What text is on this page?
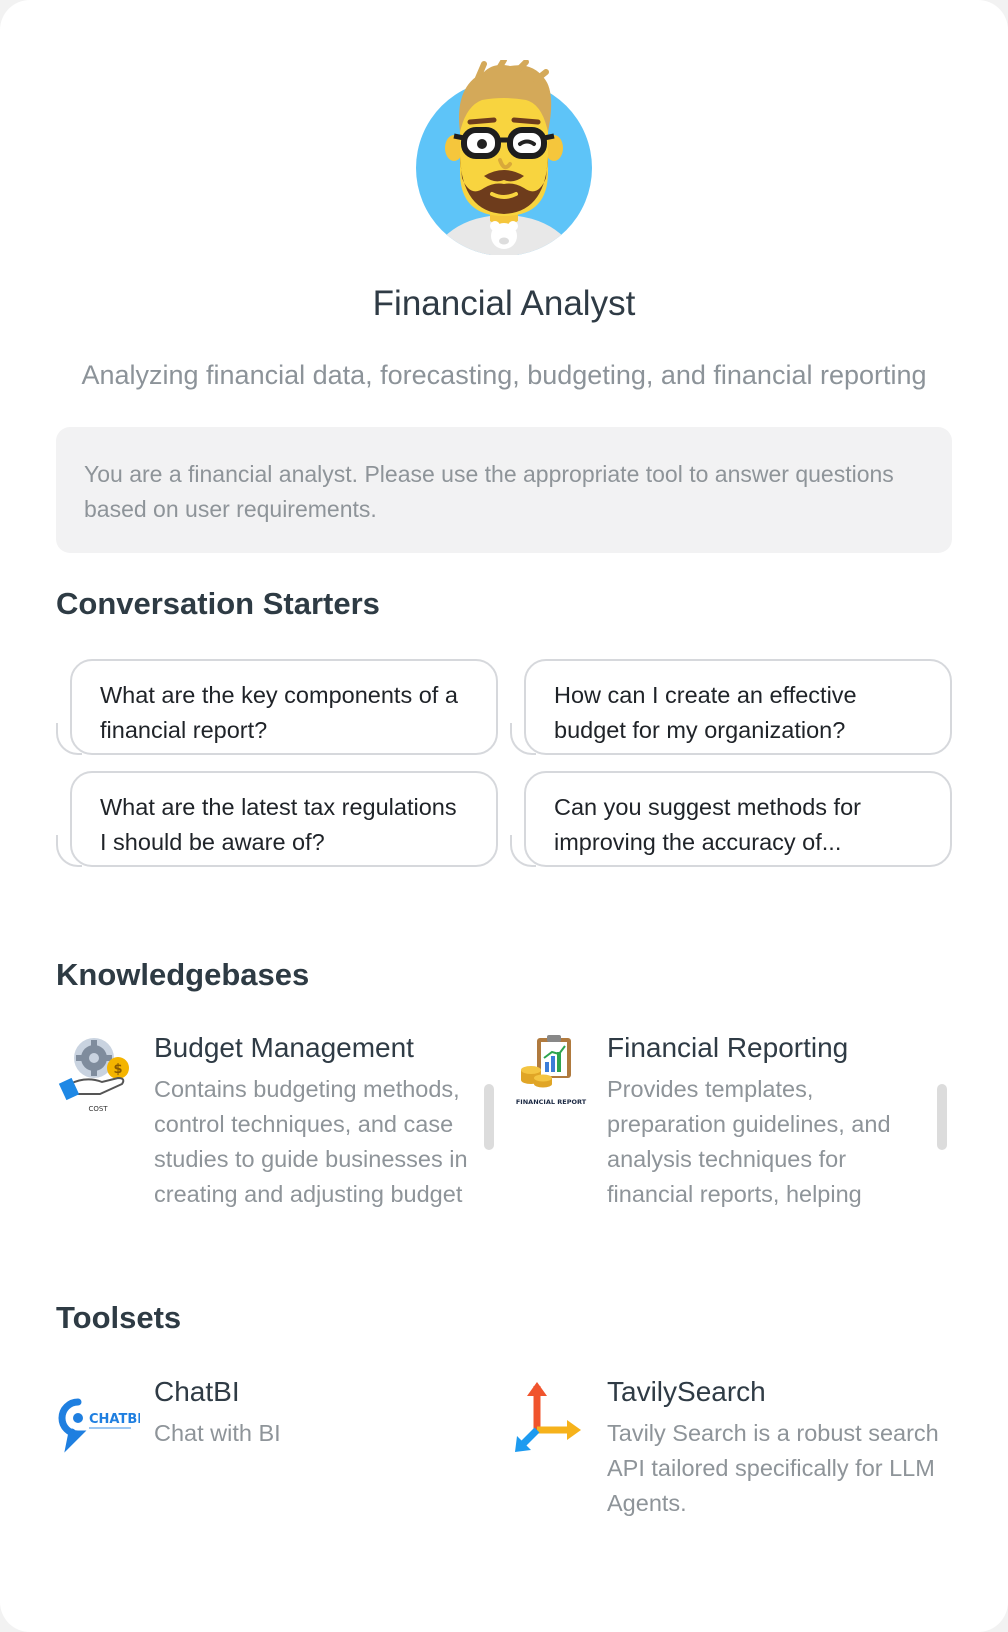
Financial Analyst
Analyzing financial data, forecasting, budgeting, and financial reporting
You are a financial analyst. Please use the appropriate tool to answer questions based on user requirements.
Conversation Starters
What are the key components of a financial report?
How can I create an effective budget for my organization?
What are the latest tax regulations I should be aware of?
Can you suggest methods for improving the accuracy of...
Knowledgebases
$
COST
Budget Management
Contains budgeting methods, control techniques, and case studies to guide businesses in creating and adjusting budget
FINANCIAL REPORT
Financial Reporting
Provides templates, preparation guidelines, and analysis techniques for financial reports, helping
Toolsets
CHATBI
ChatBI
Chat with BI
TavilySearch
Tavily Search is a robust search API tailored specifically for LLM Agents.
